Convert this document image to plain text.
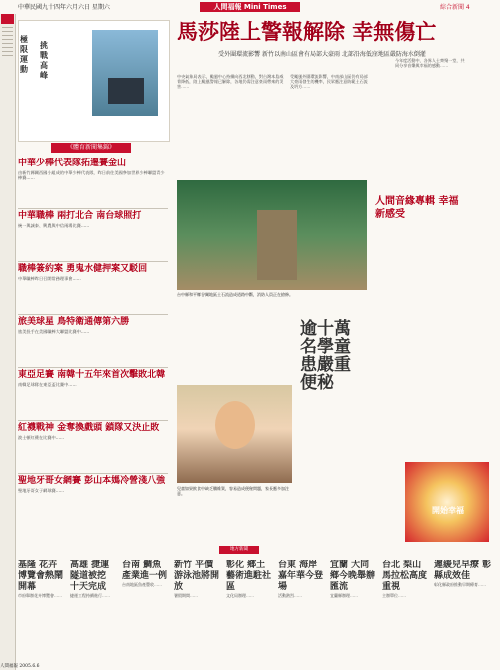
中華民國九十四年六月六日 星期六	人間福報 Mini Times	綜合新聞 4
極限運動
挑戰高峰
《體育新聞集錦》
中華少棒代表隊拓遷賽金山
由新竹縣關西國小組成的中華少棒代表隊，昨日前往美國參加世界少棒聯盟青少棒賽……
中華職棒 兩打北合 南台球照打
統一與誠泰、興農與中信兩場比賽……
職棒簽約案 勇鬼水健押案又駁回
中華職棒昨日召開常務理事會……
旅美球星 鳥特衛通傳第六勝
旅美投手在美國職棒大聯盟比賽中……
東亞足賽 南韓十五年來首次擊敗北韓
南韓足球隊在東亞盃比賽中……
紅襪戰神 金奪換戲頭 鎖隊又決止敗
波士頓紅襪在比賽中……
聖地牙哥女網賽 彭山本媽冷營淺八強
聖地牙哥女子網球賽……
馬莎陸上警報解除 幸無傷亡
受外圍環流影響 新竹以南山區會有局部大豪雨 北部沿海低窪地區嚴防海水倒灌
中央氣象局表示，颱風中心持續向西北移動，對台灣本島威脅降低，陸上颱風警報已解除，各地仍需注意豪雨帶來的災害……
受颱風外圍環流影響，中南部山區仍有局部大豪雨發生的機率，民眾應注意防範土石流及坍方……
今年度活動中，各界人士齊聚一堂，共同分享音樂與幸福的感動……
台中縣和平鄉谷關地區土石流造成道路中斷，消防人員正在搶修。
人間音緣專輯 幸福新感受
逾十萬名學童 患嚴重便秘
兒童如果飲食中缺乏纖維質，容易造成便秘問題，家長應多加注意。
開始幸福
地方新聞
基隆 花卉博覽會熱鬧開幕
市府舉辦花卉博覽會……
高雄 捷運隧道被挖 十天完成
捷運工程持續進行……
台南 鯛魚產業進一例
台南地區魚產豐收……
新竹 平價游泳池將開放
暑假期間……
彰化 鄉土藝術進駐社區
文化局辦理……
台東 海岸嘉年華今登場
活動熱烈……
宜蘭 大同鄉今晚舉辦匯流
宜蘭縣辦理……
台北 梨山馬拉松高度重視
主辦單位……
遲緩兒早療 彰縣成效佳
彰化縣政府推動早期療育……
人間福報 2005.6.6
